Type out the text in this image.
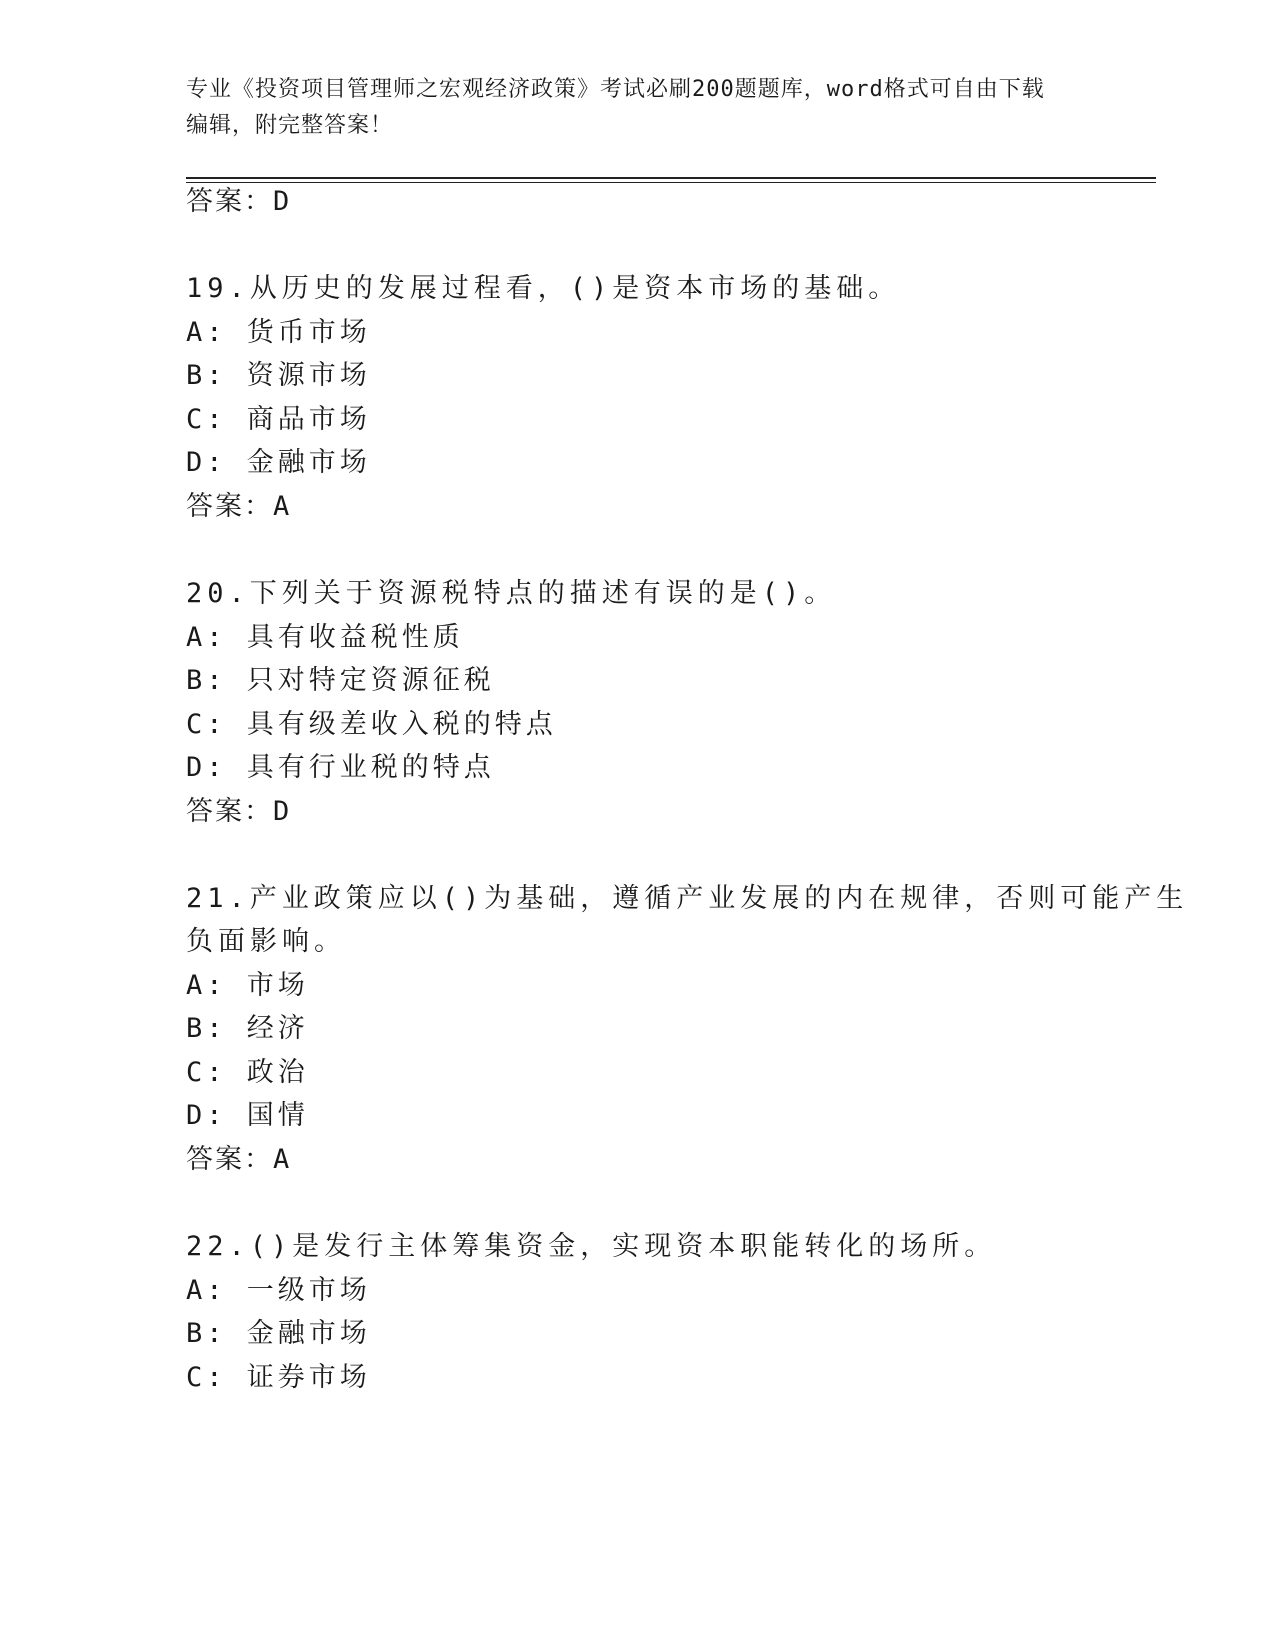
专业《投资项目管理师之宏观经济政策》考试必刷200题题库，word格式可自由下载编辑，附完整答案！
答案：D
19.从历史的发展过程看，()是资本市场的基础。
A: 货币市场
B: 资源市场
C: 商品市场
D: 金融市场
答案：A
20.下列关于资源税特点的描述有误的是()。
A: 具有收益税性质
B: 只对特定资源征税
C: 具有级差收入税的特点
D: 具有行业税的特点
答案：D
21.产业政策应以()为基础，遵循产业发展的内在规律，否则可能产生
负面影响。
A: 市场
B: 经济
C: 政治
D: 国情
答案：A
22.()是发行主体筹集资金，实现资本职能转化的场所。
A: 一级市场
B: 金融市场
C: 证券市场
